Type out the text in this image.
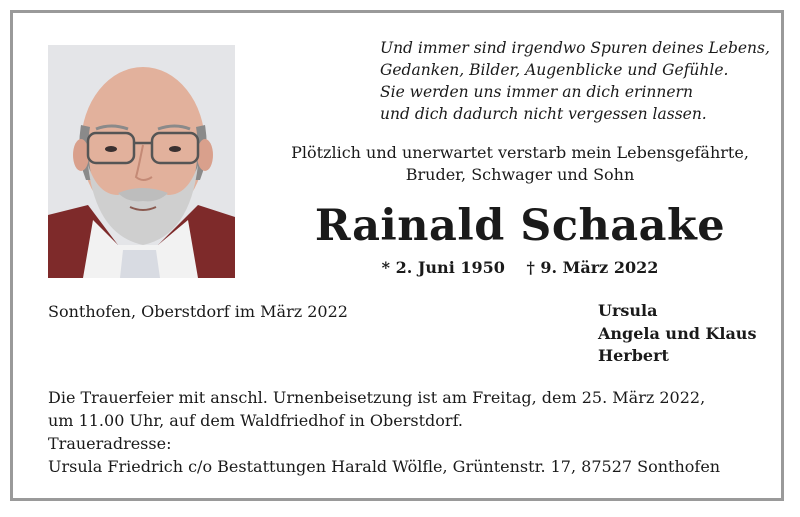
Und immer sind irgendwo Spuren deines Lebens,
Gedanken, Bilder, Augenblicke und Gefühle.
Sie werden uns immer an dich erinnern
und dich dadurch nicht vergessen lassen.
Plötzlich und unerwartet verstarb mein Lebensgefährte,
Bruder, Schwager und Sohn
Rainald Schaake
* 2. Juni 1950 † 9. März 2022
Sonthofen, Oberstdorf im März 2022	Ursula
Angela und Klaus
Herbert
Die Trauerfeier mit anschl. Urnenbeisetzung ist am Freitag, dem 25. März 2022,
um 11.00 Uhr, auf dem Waldfriedhof in Oberstdorf.
Traueradresse:
Ursula Friedrich c/o Bestattungen Harald Wölfle, Grüntenstr. 17, 87527 Sonthofen
